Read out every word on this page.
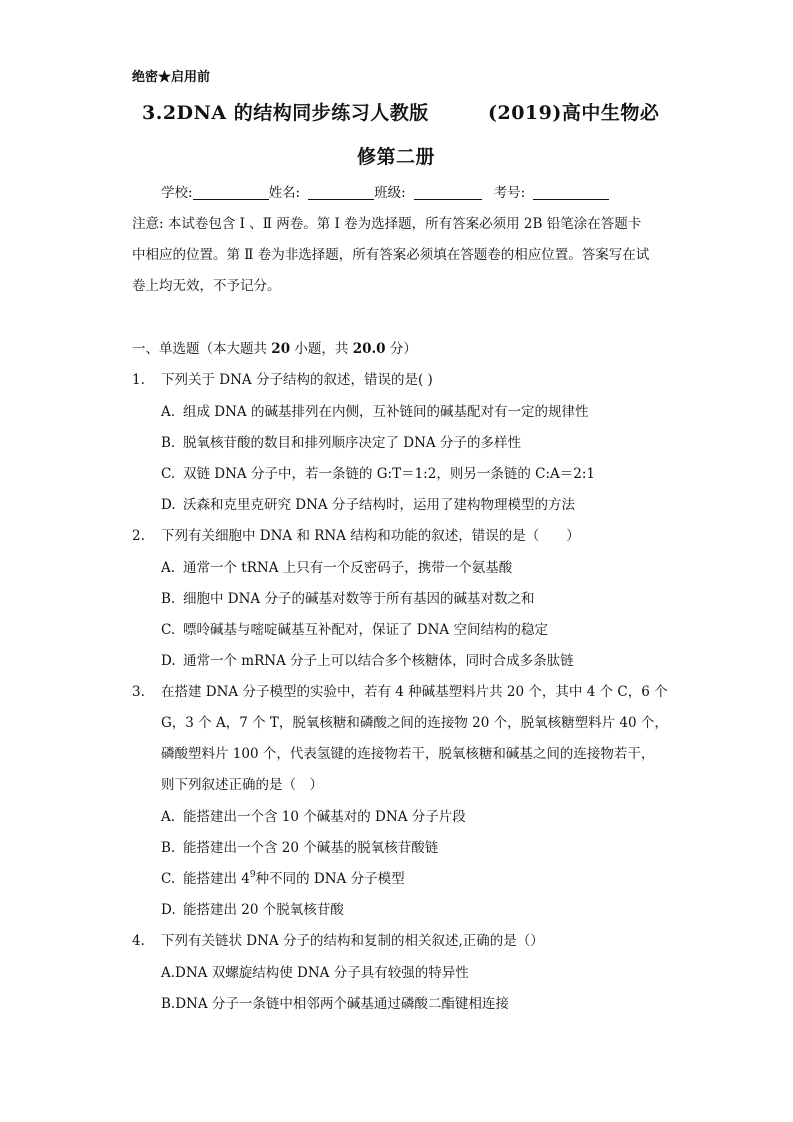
绝密★启用前
3.2DNA 的结构同步练习人教版	(2019)高中生物必
修第二册
学校:	姓名:	班级:	考号:
注意: 本试卷包含 Ⅰ 、Ⅱ 两卷。第 Ⅰ 卷为选择题，所有答案必须用 2B 铅笔涂在答题卡
中相应的位置。第 Ⅱ 卷为非选择题，所有答案必须填在答题卷的相应位置。答案写在试
卷上均无效，不予记分。
一、单选题（本大题共 20 小题，共 20.0 分）
1. 下列关于 DNA 分子结构的叙述，错误的是( )
A. 组成 DNA 的碱基排列在内侧，互补链间的碱基配对有一定的规律性
B. 脱氧核苷酸的数目和排列顺序决定了 DNA 分子的多样性
C. 双链 DNA 分子中，若一条链的 G:T＝1:2，则另一条链的 C:A＝2:1
D. 沃森和克里克研究 DNA 分子结构时，运用了建构物理模型的方法
2. 下列有关细胞中 DNA 和 RNA 结构和功能的叙述，错误的是（　　）
A. 通常一个 tRNA 上只有一个反密码子，携带一个氨基酸
B. 细胞中 DNA 分子的碱基对数等于所有基因的碱基对数之和
C. 嘌呤碱基与嘧啶碱基互补配对，保证了 DNA 空间结构的稳定
D. 通常一个 mRNA 分子上可以结合多个核糖体，同时合成多条肽链
3. 在搭建 DNA 分子模型的实验中，若有 4 种碱基塑料片共 20 个，其中 4 个 C，6 个
G，3 个 A，7 个 T，脱氧核糖和磷酸之间的连接物 20 个，脱氧核糖塑料片 40 个，
磷酸塑料片 100 个，代表氢键的连接物若干，脱氧核糖和碱基之间的连接物若干，
则下列叙述正确的是（　）
A. 能搭建出一个含 10 个碱基对的 DNA 分子片段
B. 能搭建出一个含 20 个碱基的脱氧核苷酸链
C. 能搭建出 $4^9$种不同的 DNA 分子模型
D. 能搭建出 20 个脱氧核苷酸
4. 下列有关链状 DNA 分子的结构和复制的相关叙述,正确的是（）
A.DNA 双螺旋结构使 DNA 分子具有较强的特异性
B.DNA 分子一条链中相邻两个碱基通过磷酸二酯键相连接
